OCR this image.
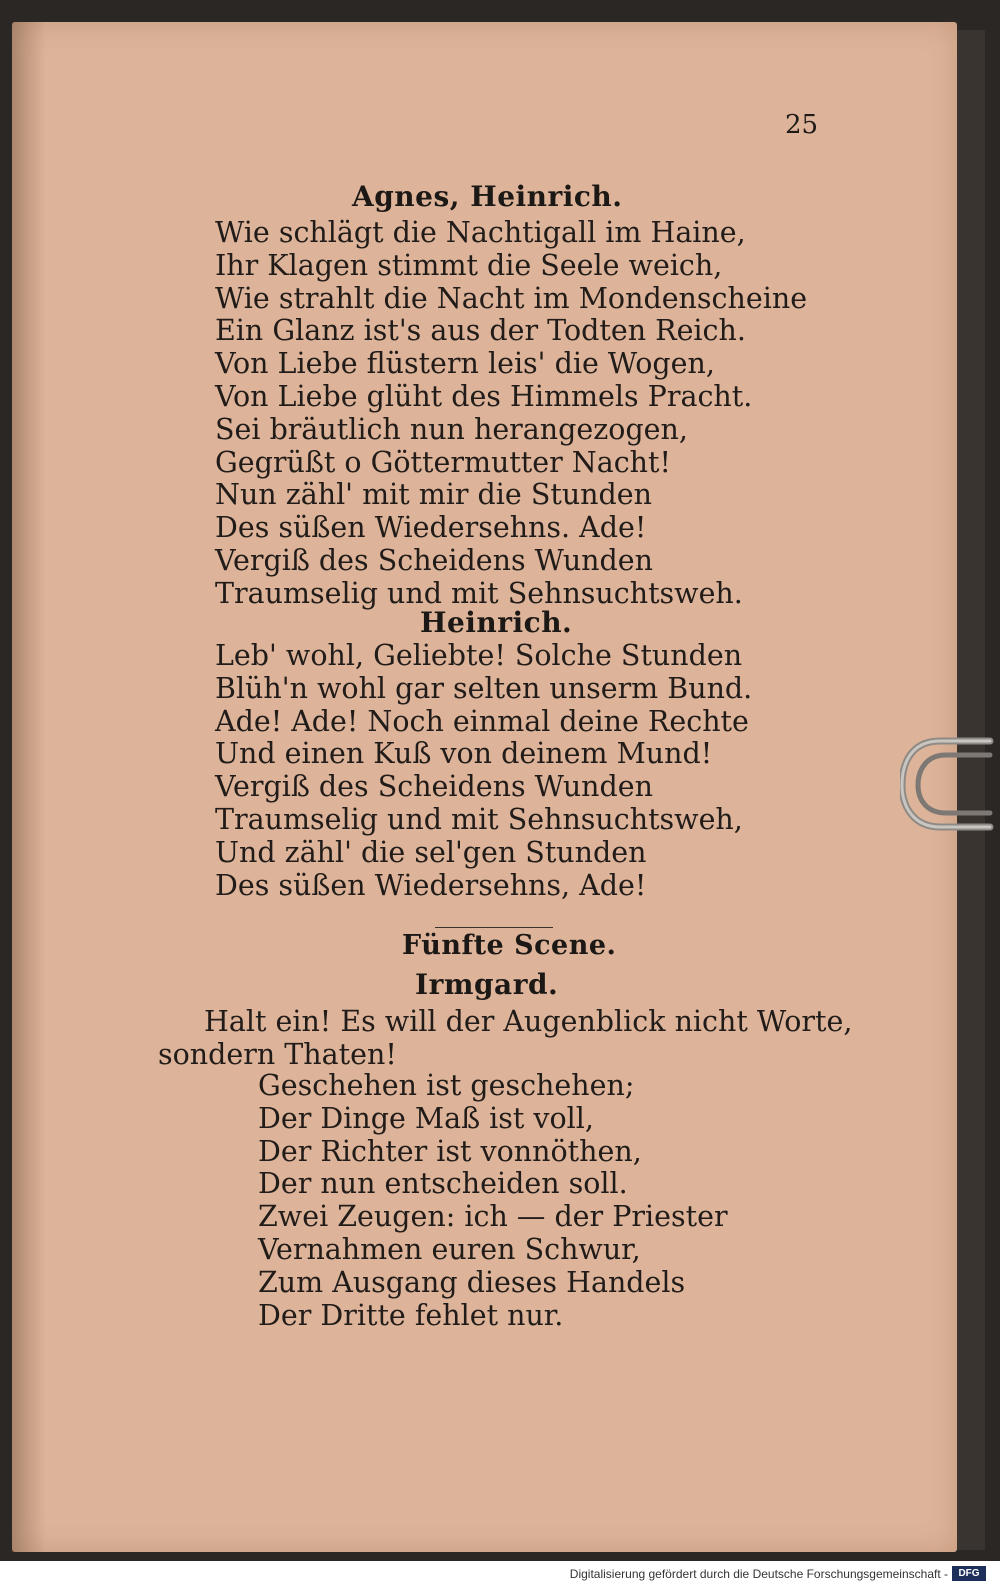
25
Agnes, Heinrich.
Wie schlägt die Nachtigall im Haine,
Ihr Klagen stimmt die Seele weich,
Wie strahlt die Nacht im Mondenscheine
Ein Glanz ist's aus der Todten Reich.
Von Liebe flüstern leis' die Wogen,
Von Liebe glüht des Himmels Pracht.
Sei bräutlich nun herangezogen,
Gegrüßt o Göttermutter Nacht!
Nun zähl' mit mir die Stunden
Des süßen Wiedersehns. Ade!
Vergiß des Scheidens Wunden
Traumselig und mit Sehnsuchtsweh.
Heinrich.
Leb' wohl, Geliebte! Solche Stunden
Blüh'n wohl gar selten unserm Bund.
Ade! Ade! Noch einmal deine Rechte
Und einen Kuß von deinem Mund!
Vergiß des Scheidens Wunden
Traumselig und mit Sehnsuchtsweh,
Und zähl' die sel'gen Stunden
Des süßen Wiedersehns, Ade!
Fünfte Scene.
Irmgard.
Halt ein! Es will der Augenblick nicht Worte,
sondern Thaten!
Geschehen ist geschehen;
Der Dinge Maß ist voll,
Der Richter ist vonnöthen,
Der nun entscheiden soll.
Zwei Zeugen: ich — der Priester
Vernahmen euren Schwur,
Zum Ausgang dieses Handels
Der Dritte fehlet nur.
Digitalisierung gefördert durch die Deutsche Forschungsgemeinschaft -	DFG
